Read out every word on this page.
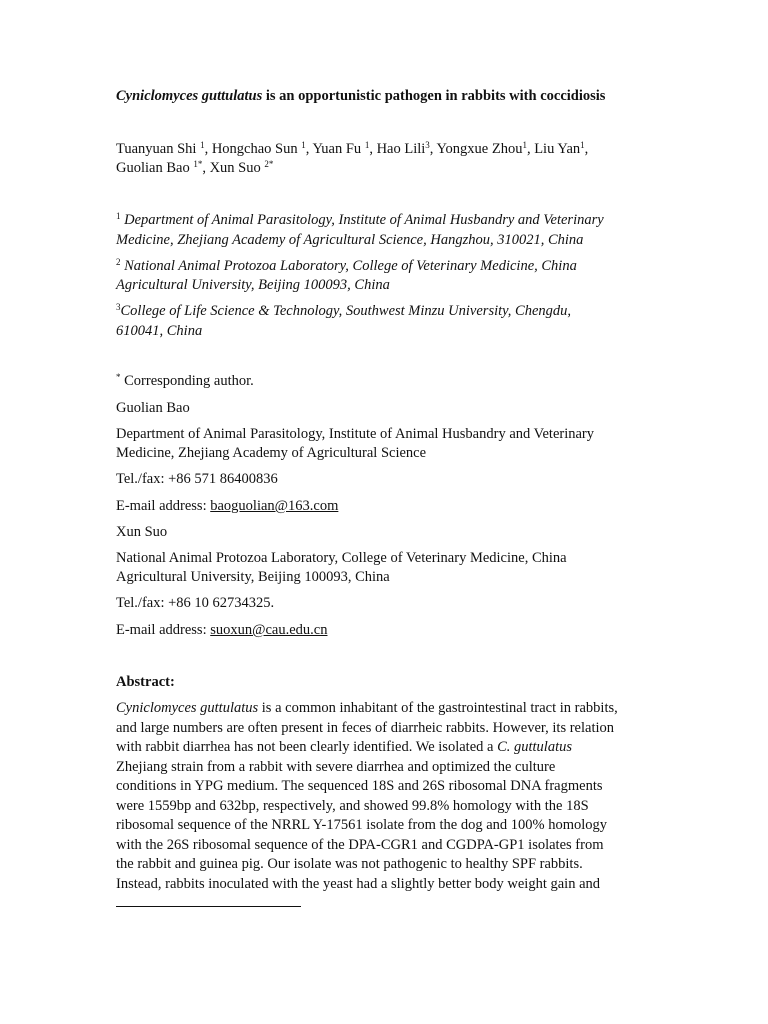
Cyniclomyces guttulatus is an opportunistic pathogen in rabbits with coccidiosis
Tuanyuan Shi $^1$, Hongchao Sun $^1$, Yuan Fu $^1$, Hao Lili$^3$, Yongxue Zhou$^1$, Liu Yan$^1$,
Guolian Bao $^{1*}$, Xun Suo $^{2*}$
$^1$ Department of Animal Parasitology, Institute of Animal Husbandry and Veterinary
Medicine, Zhejiang Academy of Agricultural Science, Hangzhou, 310021, China
$^2$ National Animal Protozoa Laboratory, College of Veterinary Medicine, China
Agricultural University, Beijing 100093, China
$^3$College of Life Science & Technology, Southwest Minzu University, Chengdu,
610041, China
* Corresponding author.
Guolian Bao
Department of Animal Parasitology, Institute of Animal Husbandry and Veterinary
Medicine, Zhejiang Academy of Agricultural Science
Tel./fax: +86 571 86400836
E-mail address: baoguolian@163.com
Xun Suo
National Animal Protozoa Laboratory, College of Veterinary Medicine, China
Agricultural University, Beijing 100093, China
Tel./fax: +86 10 62734325.
E-mail address: suoxun@cau.edu.cn
Abstract:
Cyniclomyces guttulatus is a common inhabitant of the gastrointestinal tract in rabbits,
and large numbers are often present in feces of diarrheic rabbits. However, its relation
with rabbit diarrhea has not been clearly identified. We isolated a C. guttulatus
Zhejiang strain from a rabbit with severe diarrhea and optimized the culture
conditions in YPG medium. The sequenced 18S and 26S ribosomal DNA fragments
were 1559bp and 632bp, respectively, and showed 99.8% homology with the 18S
ribosomal sequence of the NRRL Y-17561 isolate from the dog and 100% homology
with the 26S ribosomal sequence of the DPA-CGR1 and CGDPA-GP1 isolates from
the rabbit and guinea pig. Our isolate was not pathogenic to healthy SPF rabbits.
Instead, rabbits inoculated with the yeast had a slightly better body weight gain and
